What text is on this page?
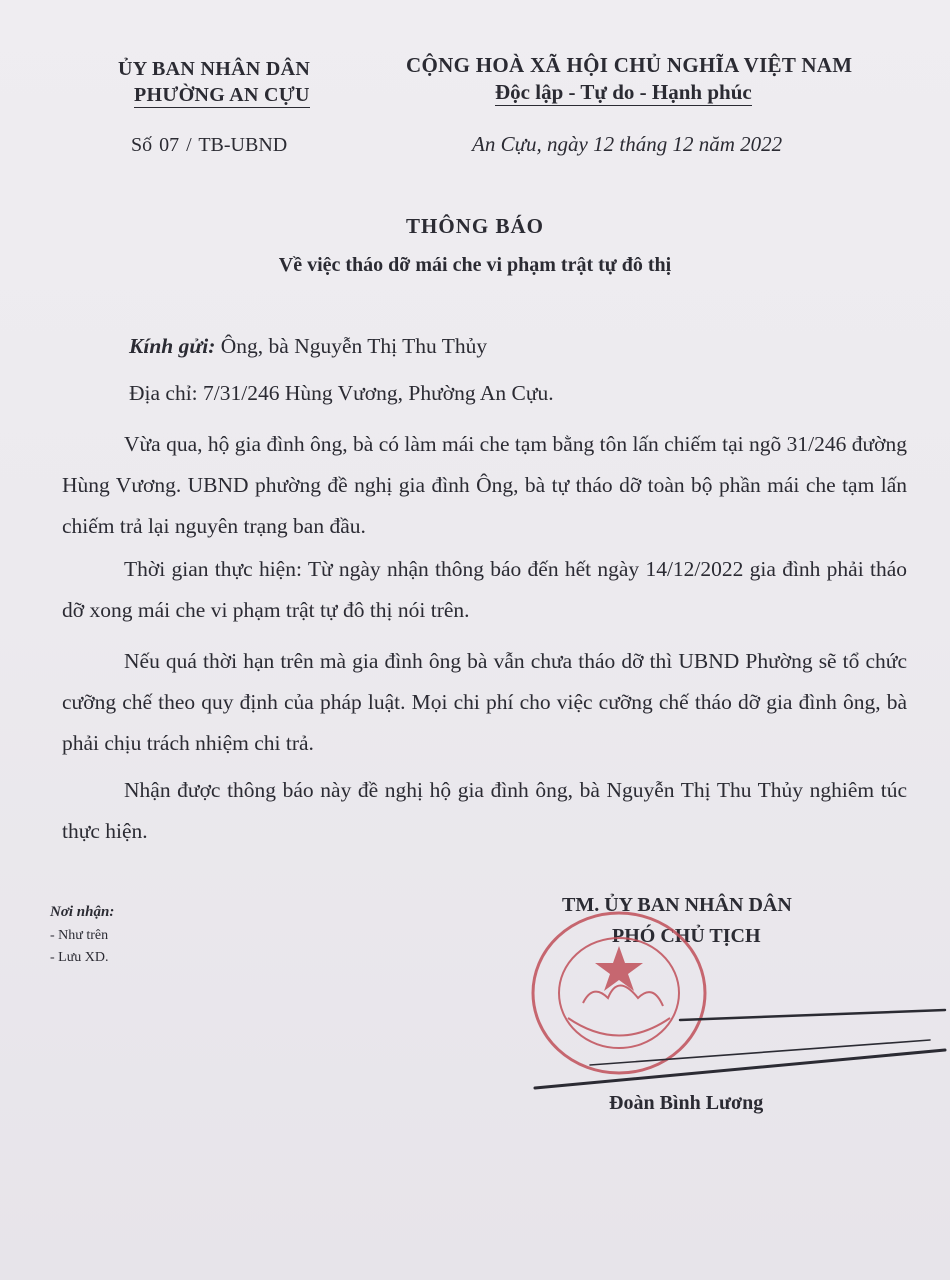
ỦY BAN NHÂN DÂN
PHƯỜNG AN CỰU
CỘNG HOÀ XÃ HỘI CHỦ NGHĨA VIỆT NAM
Độc lập - Tự do - Hạnh phúc
Số 07 / TB-UBND	An Cựu, ngày 12 tháng 12 năm 2022
THÔNG BÁO
Về việc tháo dỡ mái che vi phạm trật tự đô thị
Kính gửi: Ông, bà Nguyễn Thị Thu Thủy
Địa chỉ: 7/31/246 Hùng Vương, Phường An Cựu.
Vừa qua, hộ gia đình ông, bà có làm mái che tạm bằng tôn lấn chiếm tại ngõ 31/246 đường Hùng Vương. UBND phường đề nghị gia đình Ông, bà tự tháo dỡ toàn bộ phần mái che tạm lấn chiếm trả lại nguyên trạng ban đầu.
Thời gian thực hiện: Từ ngày nhận thông báo đến hết ngày 14/12/2022 gia đình phải tháo dỡ xong mái che vi phạm trật tự đô thị nói trên.
Nếu quá thời hạn trên mà gia đình ông bà vẫn chưa tháo dỡ thì UBND Phường sẽ tổ chức cưỡng chế theo quy định của pháp luật. Mọi chi phí cho việc cưỡng chế tháo dỡ gia đình ông, bà phải chịu trách nhiệm chi trả.
Nhận được thông báo này đề nghị hộ gia đình ông, bà Nguyễn Thị Thu Thủy nghiêm túc thực hiện.
Nơi nhận:
- Như trên
- Lưu XD.
TM. ỦY BAN NHÂN DÂN
PHÓ CHỦ TỊCH
Đoàn Bình Lương
